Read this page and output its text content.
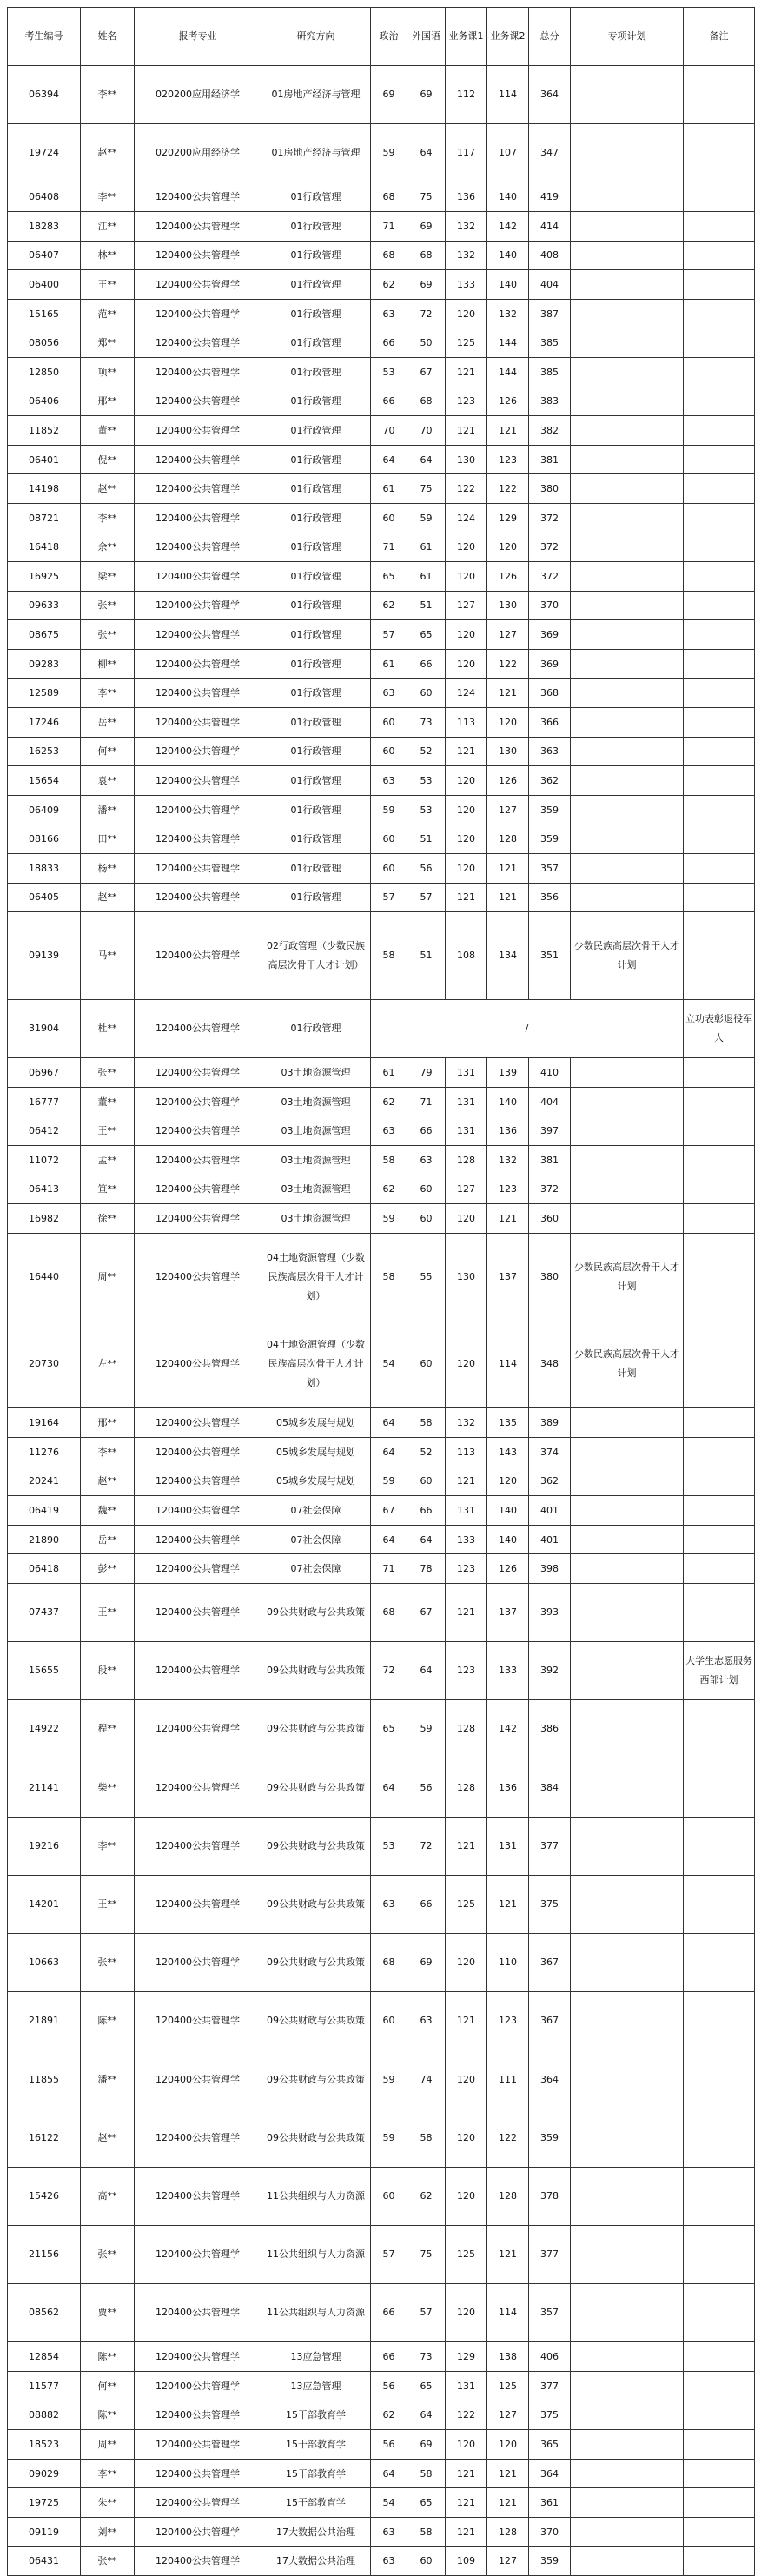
考生编号	姓名	报考专业	研究方向	政治	外国语	业务课1	业务课2	总分	专项计划	备注
06394	李**	020200应用经济学	01房地产经济与管理	69	69	112	114	364		
19724	赵**	020200应用经济学	01房地产经济与管理	59	64	117	107	347		
06408	李**	120400公共管理学	01行政管理	68	75	136	140	419		
18283	江**	120400公共管理学	01行政管理	71	69	132	142	414		
06407	林**	120400公共管理学	01行政管理	68	68	132	140	408		
06400	王**	120400公共管理学	01行政管理	62	69	133	140	404		
15165	范**	120400公共管理学	01行政管理	63	72	120	132	387		
08056	郑**	120400公共管理学	01行政管理	66	50	125	144	385		
12850	项**	120400公共管理学	01行政管理	53	67	121	144	385		
06406	邢**	120400公共管理学	01行政管理	66	68	123	126	383		
11852	董**	120400公共管理学	01行政管理	70	70	121	121	382		
06401	倪**	120400公共管理学	01行政管理	64	64	130	123	381		
14198	赵**	120400公共管理学	01行政管理	61	75	122	122	380		
08721	李**	120400公共管理学	01行政管理	60	59	124	129	372		
16418	余**	120400公共管理学	01行政管理	71	61	120	120	372		
16925	梁**	120400公共管理学	01行政管理	65	61	120	126	372		
09633	张**	120400公共管理学	01行政管理	62	51	127	130	370		
08675	张**	120400公共管理学	01行政管理	57	65	120	127	369		
09283	柳**	120400公共管理学	01行政管理	61	66	120	122	369		
12589	李**	120400公共管理学	01行政管理	63	60	124	121	368		
17246	岳**	120400公共管理学	01行政管理	60	73	113	120	366		
16253	何**	120400公共管理学	01行政管理	60	52	121	130	363		
15654	袁**	120400公共管理学	01行政管理	63	53	120	126	362		
06409	潘**	120400公共管理学	01行政管理	59	53	120	127	359		
08166	田**	120400公共管理学	01行政管理	60	51	120	128	359		
18833	杨**	120400公共管理学	01行政管理	60	56	120	121	357		
06405	赵**	120400公共管理学	01行政管理	57	57	121	121	356		
09139	马**	120400公共管理学	02行政管理（少数民族高层次骨干人才计划）	58	51	108	134	351	少数民族高层次骨干人才计划	
31904	杜**	120400公共管理学	01行政管理	/						立功表彰退役军人
06967	张**	120400公共管理学	03土地资源管理	61	79	131	139	410		
16777	董**	120400公共管理学	03土地资源管理	62	71	131	140	404		
06412	王**	120400公共管理学	03土地资源管理	63	66	131	136	397		
11072	孟**	120400公共管理学	03土地资源管理	58	63	128	132	381		
06413	笪**	120400公共管理学	03土地资源管理	62	60	127	123	372		
16982	徐**	120400公共管理学	03土地资源管理	59	60	120	121	360		
16440	周**	120400公共管理学	04土地资源管理（少数民族高层次骨干人才计划）	58	55	130	137	380	少数民族高层次骨干人才计划	
20730	左**	120400公共管理学	04土地资源管理（少数民族高层次骨干人才计划）	54	60	120	114	348	少数民族高层次骨干人才计划	
19164	邢**	120400公共管理学	05城乡发展与规划	64	58	132	135	389		
11276	李**	120400公共管理学	05城乡发展与规划	64	52	113	143	374		
20241	赵**	120400公共管理学	05城乡发展与规划	59	60	121	120	362		
06419	魏**	120400公共管理学	07社会保障	67	66	131	140	401		
21890	岳**	120400公共管理学	07社会保障	64	64	133	140	401		
06418	彭**	120400公共管理学	07社会保障	71	78	123	126	398		
07437	王**	120400公共管理学	09公共财政与公共政策	68	67	121	137	393		
15655	段**	120400公共管理学	09公共财政与公共政策	72	64	123	133	392		大学生志愿服务西部计划
14922	程**	120400公共管理学	09公共财政与公共政策	65	59	128	142	386		
21141	柴**	120400公共管理学	09公共财政与公共政策	64	56	128	136	384		
19216	李**	120400公共管理学	09公共财政与公共政策	53	72	121	131	377		
14201	王**	120400公共管理学	09公共财政与公共政策	63	66	125	121	375		
10663	张**	120400公共管理学	09公共财政与公共政策	68	69	120	110	367		
21891	陈**	120400公共管理学	09公共财政与公共政策	60	63	121	123	367		
11855	潘**	120400公共管理学	09公共财政与公共政策	59	74	120	111	364		
16122	赵**	120400公共管理学	09公共财政与公共政策	59	58	120	122	359		
15426	高**	120400公共管理学	11公共组织与人力资源	60	62	120	128	378		
21156	张**	120400公共管理学	11公共组织与人力资源	57	75	125	121	377		
08562	贾**	120400公共管理学	11公共组织与人力资源	66	57	120	114	357		
12854	陈**	120400公共管理学	13应急管理	66	73	129	138	406		
11577	何**	120400公共管理学	13应急管理	56	65	131	125	377		
08882	陈**	120400公共管理学	15干部教育学	62	64	122	127	375		
18523	周**	120400公共管理学	15干部教育学	56	69	120	120	365		
09029	李**	120400公共管理学	15干部教育学	64	58	121	121	364		
19725	朱**	120400公共管理学	15干部教育学	54	65	121	121	361		
09119	刘**	120400公共管理学	17大数据公共治理	63	58	121	128	370		
06431	张**	120400公共管理学	17大数据公共治理	63	60	109	127	359		
